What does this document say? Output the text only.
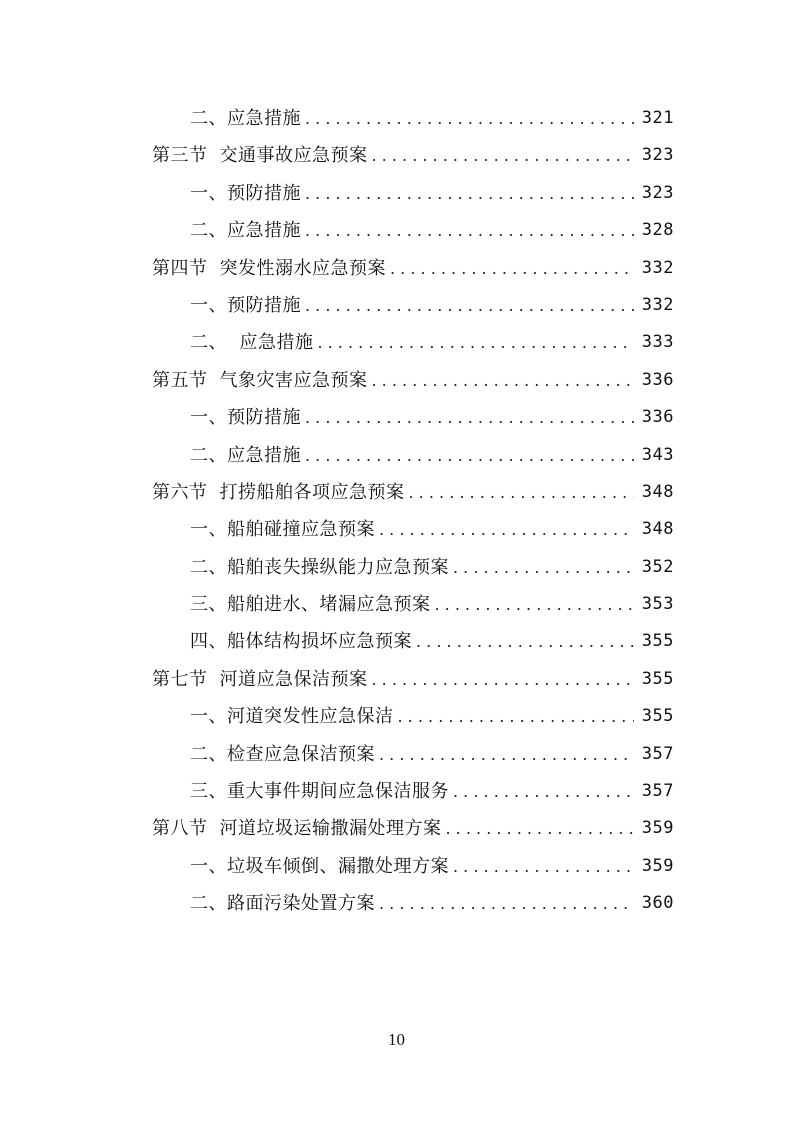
二、应急措施 . . .	321
第三节 交通事故应急预案 . . .	323
一、预防措施 . . .	323
二、应急措施 . . .	328
第四节 突发性溺水应急预案 . . .	332
一、预防措施 . . .	332
二、  应急措施 . . .	333
第五节 气象灾害应急预案 . . .	336
一、预防措施 . . .	336
二、应急措施 . . .	343
第六节 打捞船舶各项应急预案 . . .	348
一、船舶碰撞应急预案 . . .	348
二、船舶丧失操纵能力应急预案 . . .	352
三、船舶进水、堵漏应急预案 . . .	353
四、船体结构损坏应急预案 . . .	355
第七节 河道应急保洁预案 . . .	355
一、河道突发性应急保洁 . . .	355
二、检查应急保洁预案 . . .	357
三、重大事件期间应急保洁服务 . . .	357
第八节 河道垃圾运输撒漏处理方案 . . .	359
一、垃圾车倾倒、漏撒处理方案 . . .	359
二、路面污染处置方案 . . .	360
10
